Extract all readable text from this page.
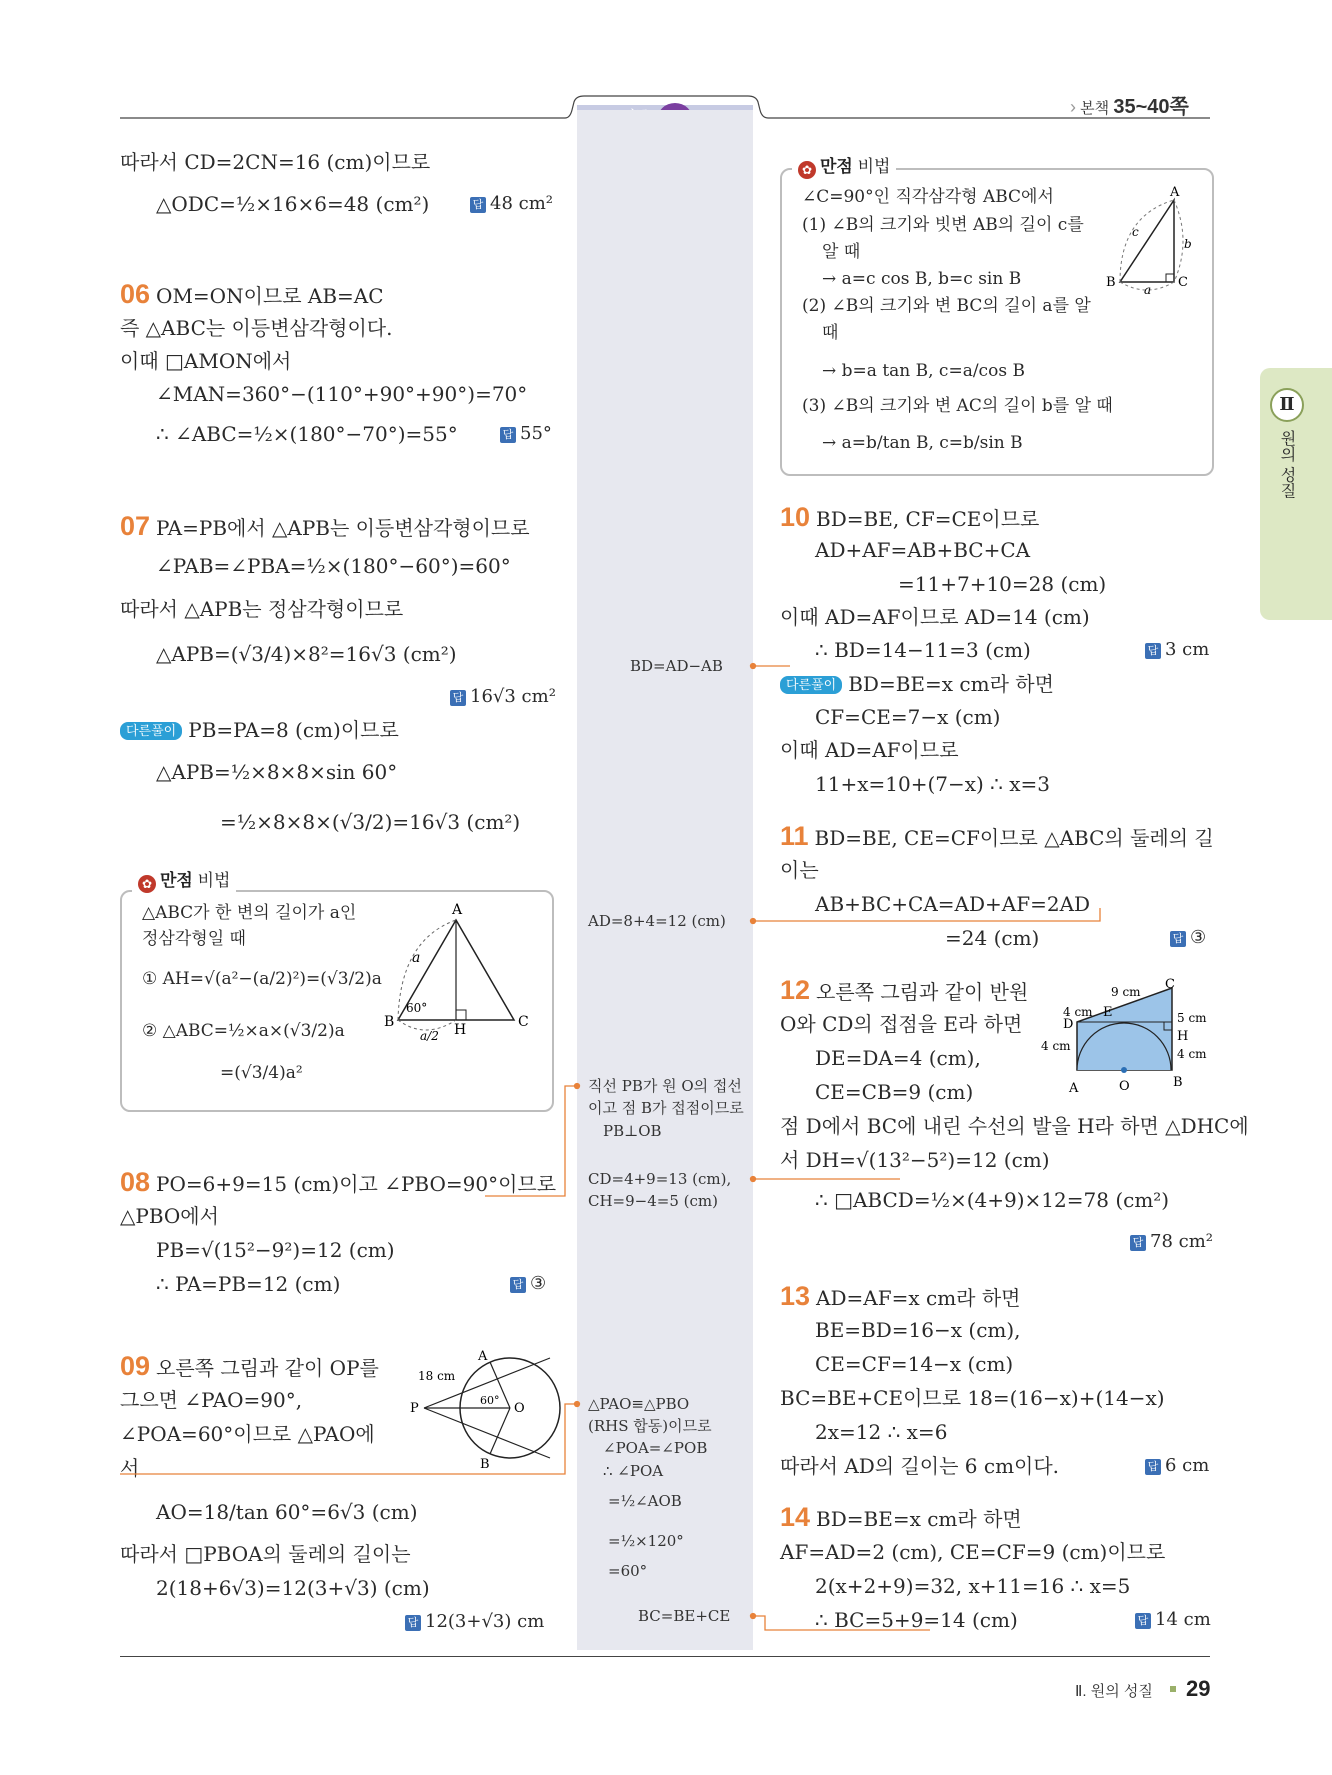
› 본책 35~40쪽
Ⅱ
원의 성질
따라서 CD=2CN=16 (cm)이므로
△ODC=½×16×6=48 (cm²)	답 48 cm²
06 OM=ON이므로 AB=AC
즉 △ABC는 이등변삼각형이다.
이때 □AMON에서
∠MAN=360°−(110°+90°+90°)=70°
∴ ∠ABC=½×(180°−70°)=55°	답 55°
07 PA=PB에서 △APB는 이등변삼각형이므로
∠PAB=∠PBA=½×(180°−60°)=60°
따라서 △APB는 정삼각형이므로
△APB=(√3/4)×8²=16√3 (cm²)
답 16√3 cm²
다른풀이 PB=PA=8 (cm)이므로
△APB=½×8×8×sin 60°
=½×8×8×(√3/2)=16√3 (cm²)
✿ 만점 비법
△ABC가 한 변의 길이가 a인
정삼각형일 때
① AH=√(a²−(a/2)²)=(√3/2)a
② △ABC=½×a×(√3/2)a
=(√3/4)a²
A
B	C
H
a
a/2
60°
08 PO=6+9=15 (cm)이고 ∠PBO=90°이므로
△PBO에서
PB=√(15²−9²)=12 (cm)
∴ PA=PB=12 (cm)	답 ③
09 오른쪽 그림과 같이 OP를
그으면 ∠PAO=90°,
∠POA=60°이므로 △PAO에
서
AO=18/tan 60°=6√3 (cm)
따라서 □PBOA의 둘레의 길이는
2(18+6√3)=12(3+√3) (cm)
답 12(3+√3) cm
A
B
P	O
18 cm
60°
BD=AD−AB
AD=8+4=12 (cm)
직선 PB가 원 O의 접선
이고 점 B가 접점이므로
PB⊥OB
CD=4+9=13 (cm),
CH=9−4=5 (cm)
△PAO≡△PBO
(RHS 합동)이므로
∠POA=∠POB
∴ ∠POA
=½∠AOB
=½×120°
=60°
BC=BE+CE
✿ 만점 비법
∠C=90°인 직각삼각형 ABC에서
(1) ∠B의 크기와 빗변 AB의 길이 c를
알 때
→ a=c cos B, b=c sin B
(2) ∠B의 크기와 변 BC의 길이 a를 알
때
→ b=a tan B, c=a/cos B
(3) ∠B의 크기와 변 AC의 길이 b를 알 때
→ a=b/tan B, c=b/sin B
A
B	C
a
b
c
10 BD=BE, CF=CE이므로
AD+AF=AB+BC+CA
=11+7+10=28 (cm)
이때 AD=AF이므로 AD=14 (cm)
∴ BD=14−11=3 (cm)	답 3 cm
다른풀이 BD=BE=x cm라 하면
CF=CE=7−x (cm)
이때 AD=AF이므로
11+x=10+(7−x) ∴ x=3
11 BD=BE, CE=CF이므로 △ABC의 둘레의 길
이는
AB+BC+CA=AD+AF=2AD
=24 (cm)	답 ③
12 오른쪽 그림과 같이 반원
O와 CD의 접점을 E라 하면
DE=DA=4 (cm),
CE=CB=9 (cm)
점 D에서 BC에 내린 수선의 발을 H라 하면 △DHC에
서 DH=√(13²−5²)=12 (cm)
∴ □ABCD=½×(4+9)×12=78 (cm²)
답 78 cm²
A	B
C
D
E
H
O
9 cm
4 cm
4 cm
4 cm
5 cm
13 AD=AF=x cm라 하면
BE=BD=16−x (cm),
CE=CF=14−x (cm)
BC=BE+CE이므로 18=(16−x)+(14−x)
2x=12 ∴ x=6
따라서 AD의 길이는 6 cm이다.	답 6 cm
14 BD=BE=x cm라 하면
AF=AD=2 (cm), CE=CF=9 (cm)이므로
2(x+2+9)=32, x+11=16 ∴ x=5
∴ BC=5+9=14 (cm)	답 14 cm
Ⅱ. 원의 성질 29
